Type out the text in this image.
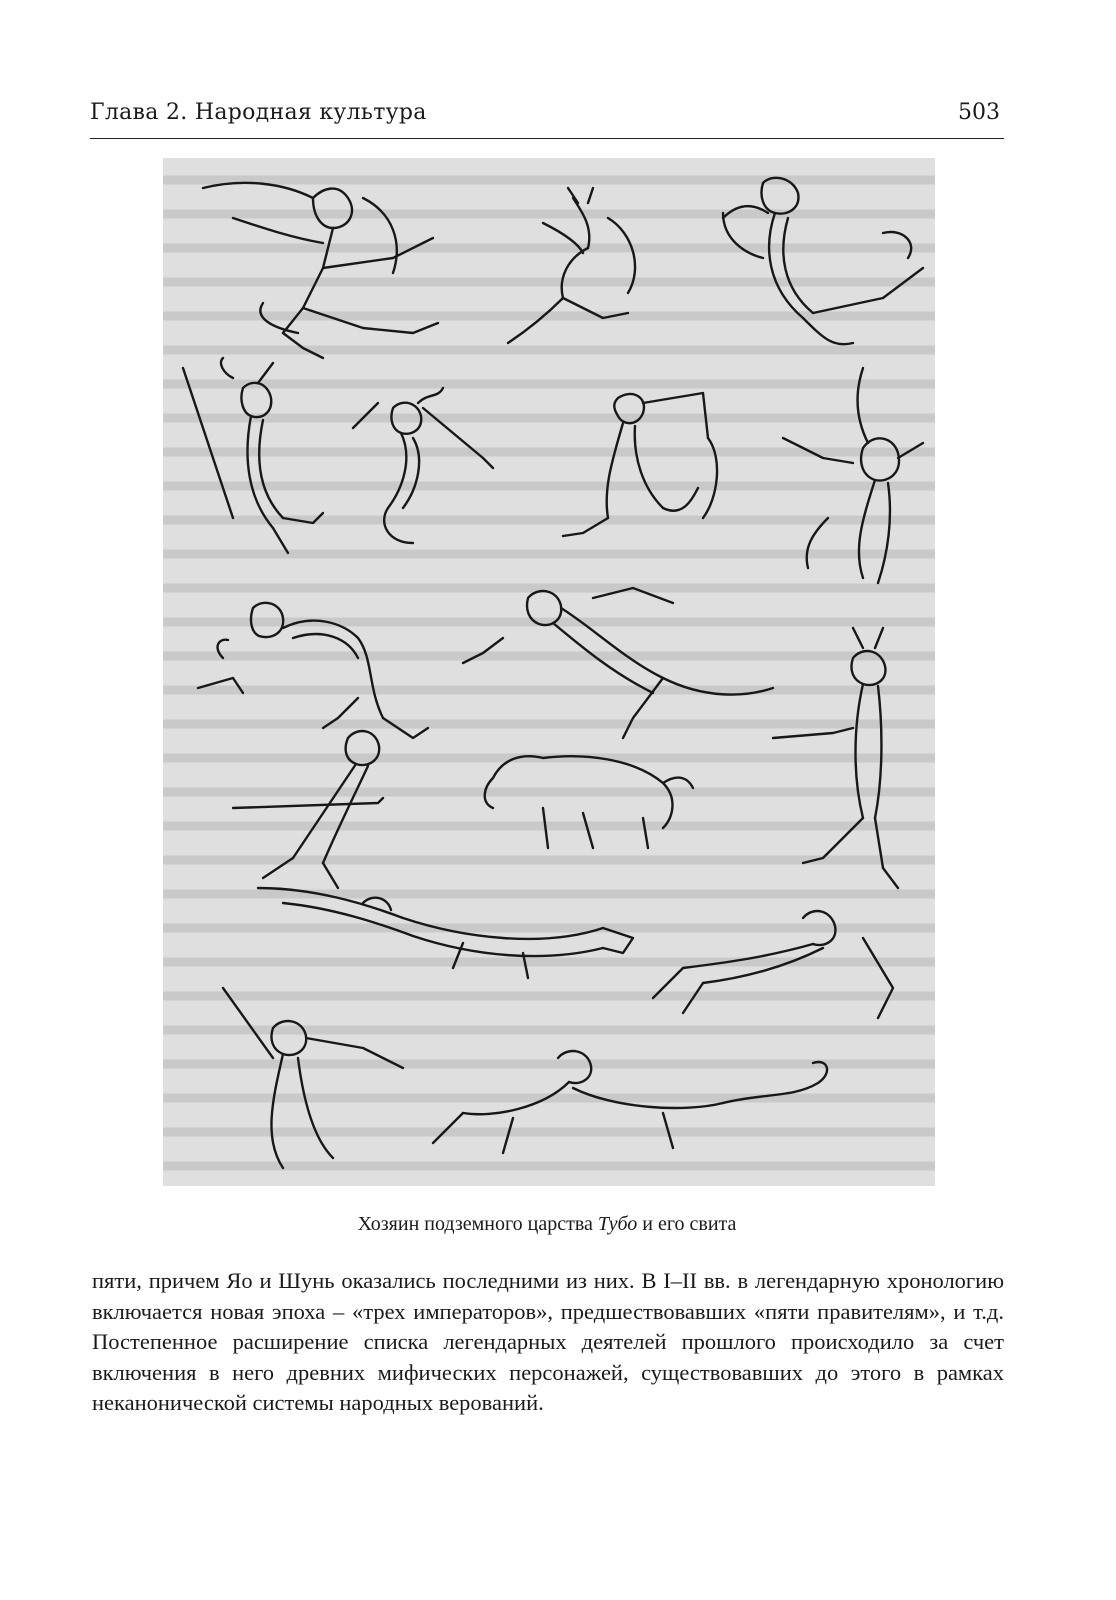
Глава 2. Народная культура	503
Хозяин подземного царства Тубо и его свита

пяти, причем Яо и Шунь оказались последними из них. В I–II вв. в легендарную хронологию включается новая эпоха – «трех императоров», предшествовавших «пяти правителям», и т.д. Постепенное расширение списка легендарных деятелей прошлого происходило за счет включения в него древних мифических персонажей, существовавших до этого в рамках неканонической системы народных верований.
